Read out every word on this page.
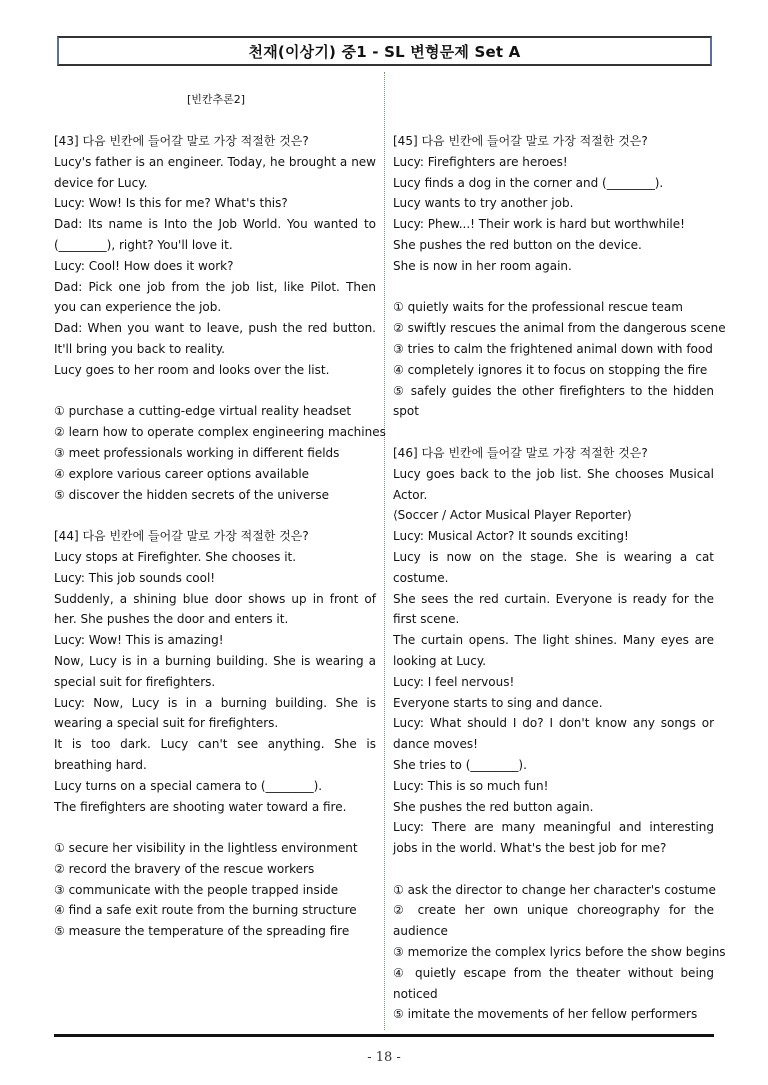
천재(이상기) 중1 - SL 변형문제 Set A
[빈칸추론2]

[43] 다음 빈칸에 들어갈 말로 가장 적절한 것은?

Lucy's father is an engineer. Today, he brought a new device for Lucy.

Lucy: Wow! Is this for me? What's this?

Dad: Its name is Into the Job World. You wanted to (________), right? You'll love it.

Lucy: Cool! How does it work?

Dad: Pick one job from the job list, like Pilot. Then you can experience the job.

Dad: When you want to leave, push the red button. It'll bring you back to reality.

Lucy goes to her room and looks over the list.

① purchase a cutting-edge virtual reality headset

② learn how to operate complex engineering machines

③ meet professionals working in different fields

④ explore various career options available

⑤ discover the hidden secrets of the universe

[44] 다음 빈칸에 들어갈 말로 가장 적절한 것은?

Lucy stops at Firefighter. She chooses it.

Lucy: This job sounds cool!

Suddenly, a shining blue door shows up in front of her. She pushes the door and enters it.

Lucy: Wow! This is amazing!

Now, Lucy is in a burning building. She is wearing a special suit for firefighters.

Lucy: Now, Lucy is in a burning building. She is wearing a special suit for firefighters.

It is too dark. Lucy can't see anything. She is breathing hard.

Lucy turns on a special camera to (________).

The firefighters are shooting water toward a fire.

① secure her visibility in the lightless environment

② record the bravery of the rescue workers

③ communicate with the people trapped inside

④ find a safe exit route from the burning structure

⑤ measure the temperature of the spreading fire

[45] 다음 빈칸에 들어갈 말로 가장 적절한 것은?

Lucy: Firefighters are heroes!

Lucy finds a dog in the corner and (________).

Lucy wants to try another job.

Lucy: Phew...! Their work is hard but worthwhile!

She pushes the red button on the device.

She is now in her room again.

① quietly waits for the professional rescue team

② swiftly rescues the animal from the dangerous scene

③ tries to calm the frightened animal down with food

④ completely ignores it to focus on stopping the fire

⑤ safely guides the other firefighters to the hidden spot

[46] 다음 빈칸에 들어갈 말로 가장 적절한 것은?

Lucy goes back to the job list. She chooses Musical Actor.

⟨Soccer / Actor Musical Player Reporter⟩

Lucy: Musical Actor? It sounds exciting!

Lucy is now on the stage. She is wearing a cat costume.

She sees the red curtain. Everyone is ready for the first scene.

The curtain opens. The light shines. Many eyes are looking at Lucy.

Lucy: I feel nervous!

Everyone starts to sing and dance.

Lucy: What should I do? I don't know any songs or dance moves!

She tries to (________).

Lucy: This is so much fun!

She pushes the red button again.

Lucy: There are many meaningful and interesting jobs in the world. What's the best job for me?

① ask the director to change her character's costume

② create her own unique choreography for the audience

③ memorize the complex lyrics before the show begins

④ quietly escape from the theater without being noticed

⑤ imitate the movements of her fellow performers

- 18 -
